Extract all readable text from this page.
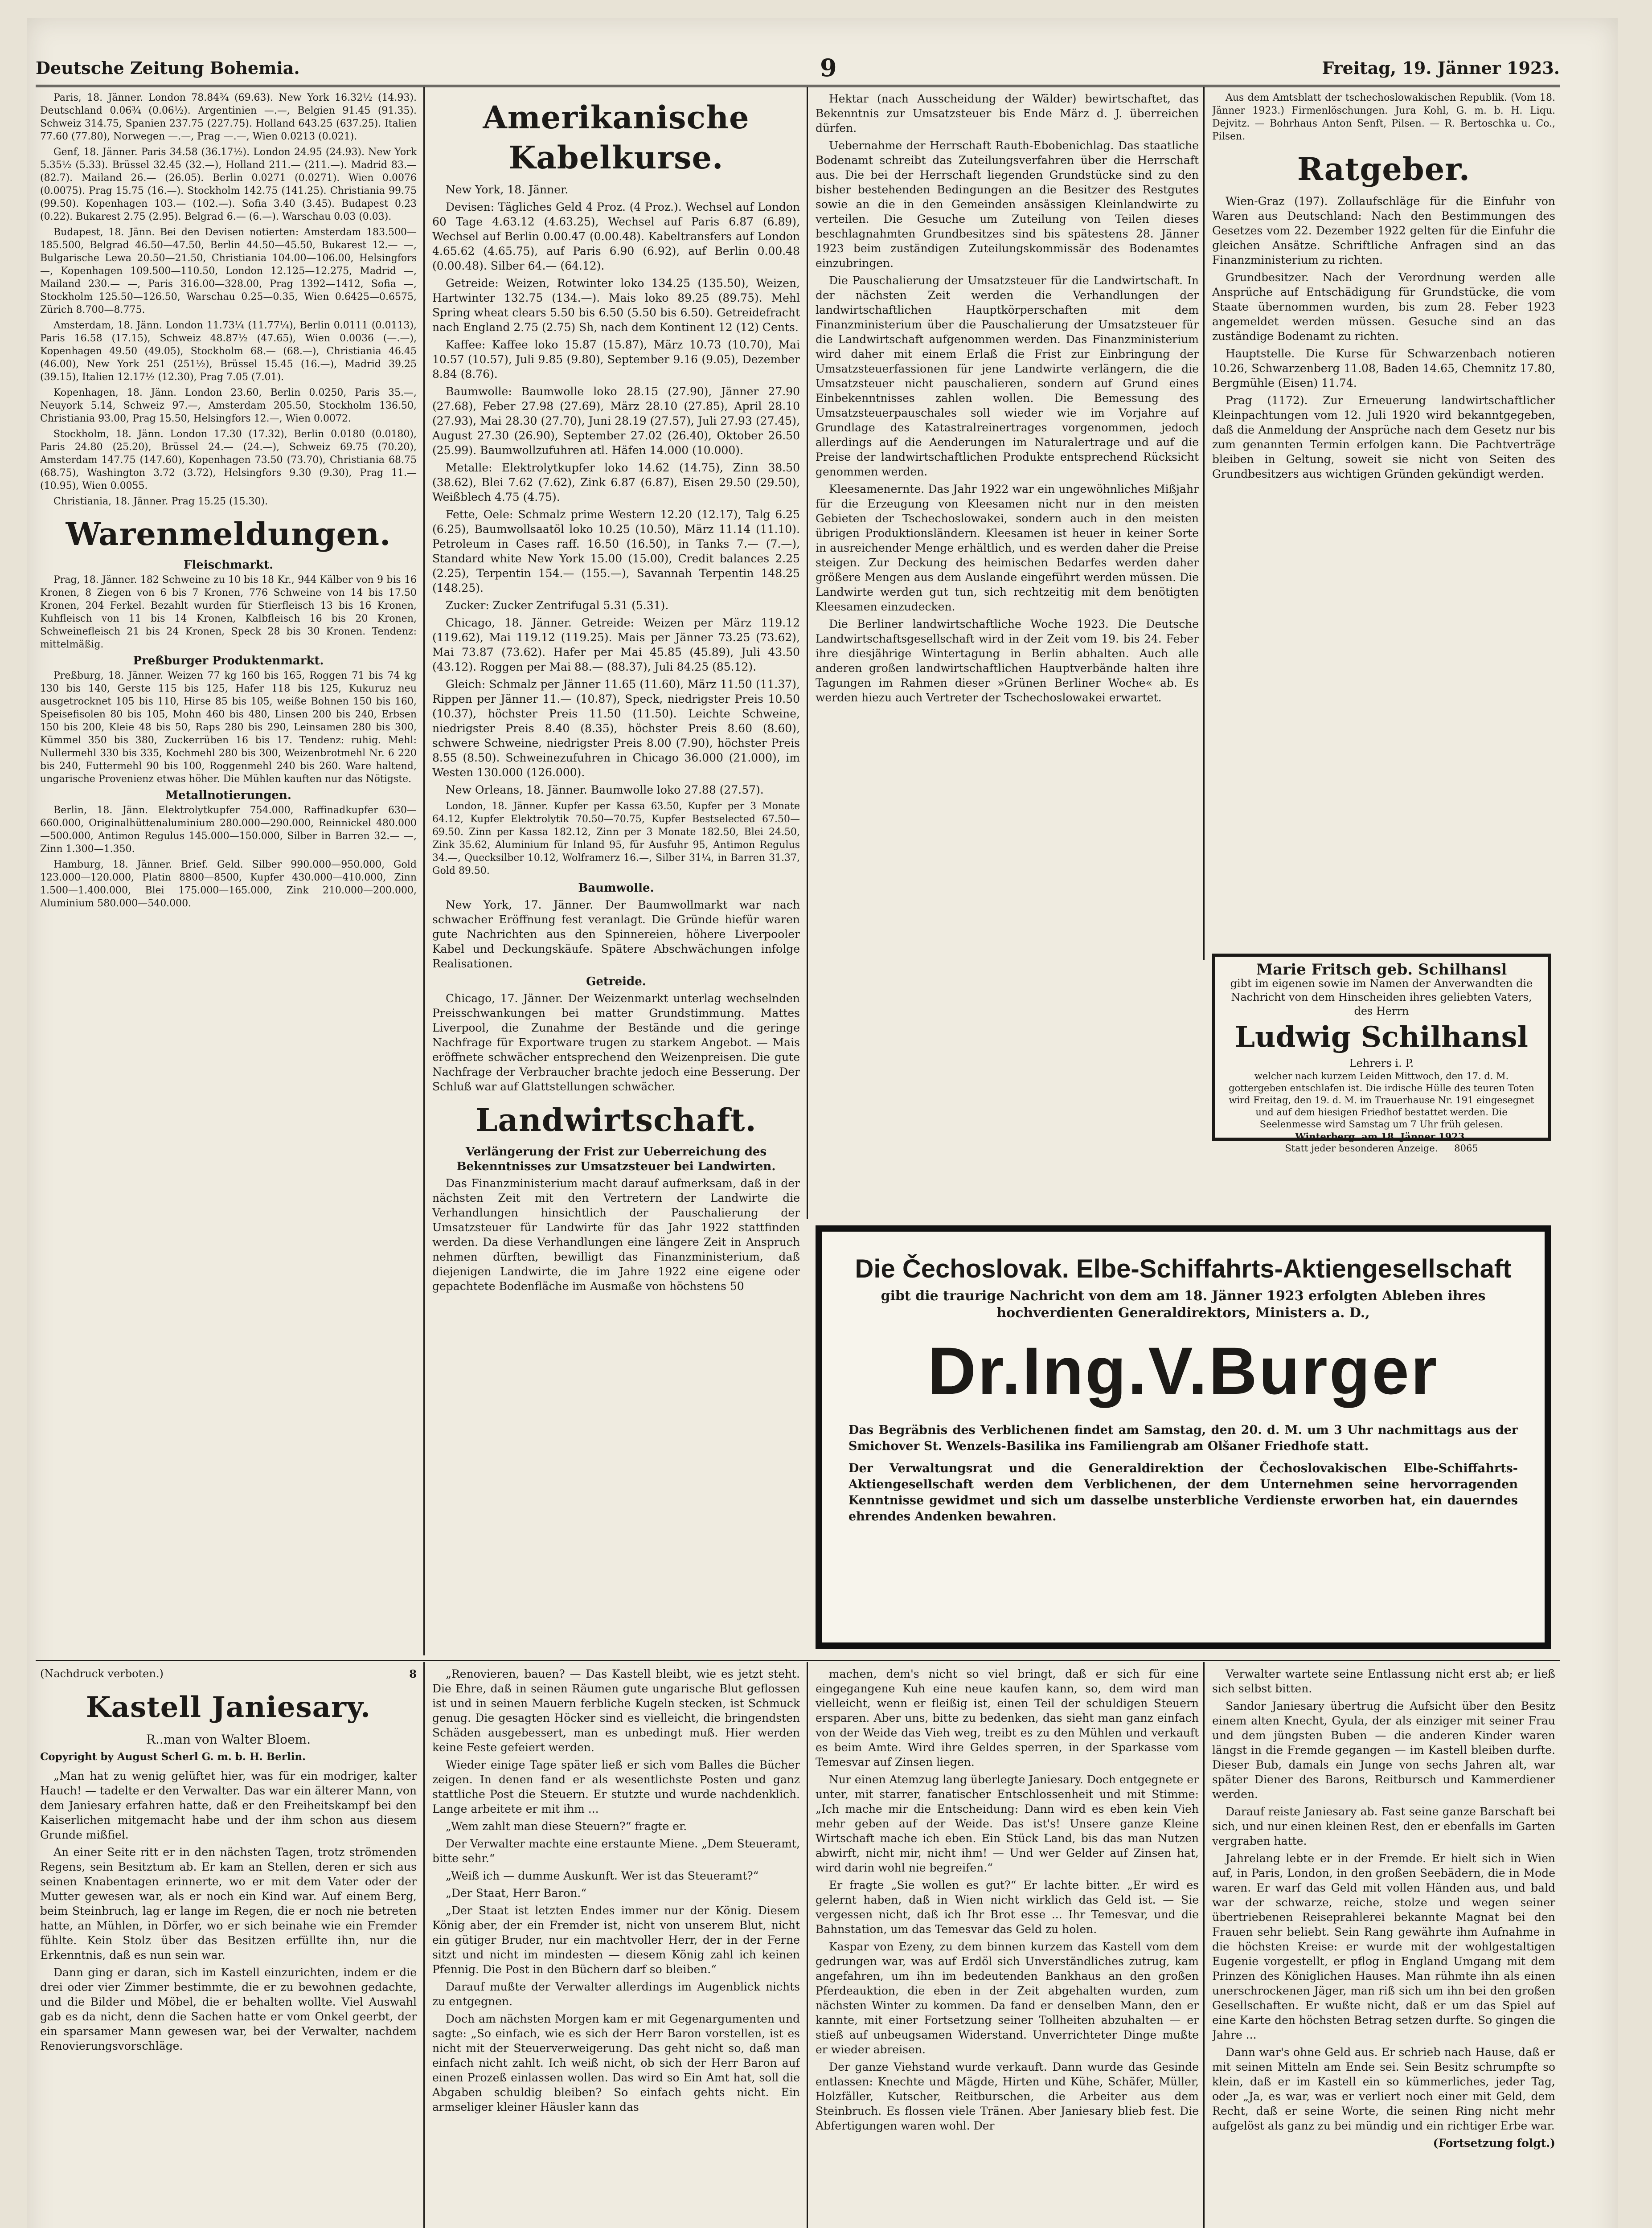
Deutsche Zeitung Bohemia.	9	Freitag, 19. Jänner 1923.

Paris, 18. Jänner. London 78.84¾ (69.63). New York 16.32½ (14.93). Deutschland 0.06¾ (0.06½). Argentinien —.—, Belgien 91.45 (91.35). Schweiz 314.75, Spanien 237.75 (227.75). Holland 643.25 (637.25). Italien 77.60 (77.80), Norwegen —.—, Prag —.—, Wien 0.0213 (0.021).

Genf, 18. Jänner. Paris 34.58 (36.17½). London 24.95 (24.93). New York 5.35½ (5.33). Brüssel 32.45 (32.—), Holland 211.— (211.—). Madrid 83.— (82.7). Mailand 26.— (26.05). Berlin 0.0271 (0.0271). Wien 0.0076 (0.0075). Prag 15.75 (16.—). Stockholm 142.75 (141.25). Christiania 99.75 (99.50). Kopenhagen 103.— (102.—). Sofia 3.40 (3.45). Budapest 0.23 (0.22). Bukarest 2.75 (2.95). Belgrad 6.— (6.—). Warschau 0.03 (0.03).

Budapest, 18. Jänn. Bei den Devisen notierten: Amsterdam 183.500—185.500, Belgrad 46.50—47.50, Berlin 44.50—45.50, Bukarest 12.— —, Bulgarische Lewa 20.50—21.50, Christiania 104.00—106.00, Helsingfors —, Kopenhagen 109.500—110.50, London 12.125—12.275, Madrid —, Mailand 230.— —, Paris 316.00—328.00, Prag 1392—1412, Sofia —, Stockholm 125.50—126.50, Warschau 0.25—0.35, Wien 0.6425—0.6575, Zürich 8.700—8.775.

Amsterdam, 18. Jänn. London 11.73¼ (11.77¼), Berlin 0.0111 (0.0113), Paris 16.58 (17.15), Schweiz 48.87½ (47.65), Wien 0.0036 (—.—), Kopenhagen 49.50 (49.05), Stockholm 68.— (68.—), Christiania 46.45 (46.00), New York 251 (251½), Brüssel 15.45 (16.—), Madrid 39.25 (39.15), Italien 12.17½ (12.30), Prag 7.05 (7.01).

Kopenhagen, 18. Jänn. London 23.60, Berlin 0.0250, Paris 35.—, Neuyork 5.14, Schweiz 97.—, Amsterdam 205.50, Stockholm 136.50, Christiania 93.00, Prag 15.50, Helsingfors 12.—, Wien 0.0072.

Stockholm, 18. Jänn. London 17.30 (17.32), Berlin 0.0180 (0.0180), Paris 24.80 (25.20), Brüssel 24.— (24.—), Schweiz 69.75 (70.20), Amsterdam 147.75 (147.60), Kopenhagen 73.50 (73.70), Christiania 68.75 (68.75), Washington 3.72 (3.72), Helsingfors 9.30 (9.30), Prag 11.— (10.95), Wien 0.0055.

Christiania, 18. Jänner. Prag 15.25 (15.30).

Warenmeldungen.
Fleischmarkt.

Prag, 18. Jänner. 182 Schweine zu 10 bis 18 Kr., 944 Kälber von 9 bis 16 Kronen, 8 Ziegen von 6 bis 7 Kronen, 776 Schweine von 14 bis 17.50 Kronen, 204 Ferkel. Bezahlt wurden für Stierfleisch 13 bis 16 Kronen, Kuhfleisch von 11 bis 14 Kronen, Kalbfleisch 16 bis 20 Kronen, Schweinefleisch 21 bis 24 Kronen, Speck 28 bis 30 Kronen. Tendenz: mittelmäßig.

Preßburger Produktenmarkt.

Preßburg, 18. Jänner. Weizen 77 kg 160 bis 165, Roggen 71 bis 74 kg 130 bis 140, Gerste 115 bis 125, Hafer 118 bis 125, Kukuruz neu ausgetrocknet 105 bis 110, Hirse 85 bis 105, weiße Bohnen 150 bis 160, Speisefisolen 80 bis 105, Mohn 460 bis 480, Linsen 200 bis 240, Erbsen 150 bis 200, Kleie 48 bis 50, Raps 280 bis 290, Leinsamen 280 bis 300, Kümmel 350 bis 380, Zuckerrüben 16 bis 17. Tendenz: ruhig. Mehl: Nullermehl 330 bis 335, Kochmehl 280 bis 300, Weizenbrotmehl Nr. 6 220 bis 240, Futtermehl 90 bis 100, Roggenmehl 240 bis 260. Ware haltend, ungarische Provenienz etwas höher. Die Mühlen kauften nur das Nötigste.

Metallnotierungen.

Berlin, 18. Jänn. Elektrolytkupfer 754.000, Raffinadkupfer 630—660.000, Originalhüttenaluminium 280.000—290.000, Reinnickel 480.000—500.000, Antimon Regulus 145.000—150.000, Silber in Barren 32.— —, Zinn 1.300—1.350.

Hamburg, 18. Jänner. Brief. Geld. Silber 990.000—950.000, Gold 123.000—120.000, Platin 8800—8500, Kupfer 430.000—410.000, Zinn 1.500—1.400.000, Blei 175.000—165.000, Zink 210.000—200.000, Aluminium 580.000—540.000.

Amerikanische Kabelkurse.

New York, 18. Jänner.

Devisen: Tägliches Geld 4 Proz. (4 Proz.). Wechsel auf London 60 Tage 4.63.12 (4.63.25), Wechsel auf Paris 6.87 (6.89), Wechsel auf Berlin 0.00.47 (0.00.48). Kabeltransfers auf London 4.65.62 (4.65.75), auf Paris 6.90 (6.92), auf Berlin 0.00.48 (0.00.48). Silber 64.— (64.12).

Getreide: Weizen, Rotwinter loko 134.25 (135.50), Weizen, Hartwinter 132.75 (134.—). Mais loko 89.25 (89.75). Mehl Spring wheat clears 5.50 bis 6.50 (5.50 bis 6.50). Getreidefracht nach England 2.75 (2.75) Sh, nach dem Kontinent 12 (12) Cents.

Kaffee: Kaffee loko 15.87 (15.87), März 10.73 (10.70), Mai 10.57 (10.57), Juli 9.85 (9.80), September 9.16 (9.05), Dezember 8.84 (8.76).

Baumwolle: Baumwolle loko 28.15 (27.90), Jänner 27.90 (27.68), Feber 27.98 (27.69), März 28.10 (27.85), April 28.10 (27.93), Mai 28.30 (27.70), Juni 28.19 (27.57), Juli 27.93 (27.45), August 27.30 (26.90), September 27.02 (26.40), Oktober 26.50 (25.99). Baumwollzufuhren atl. Häfen 14.000 (10.000).

Metalle: Elektrolytkupfer loko 14.62 (14.75), Zinn 38.50 (38.62), Blei 7.62 (7.62), Zink 6.87 (6.87), Eisen 29.50 (29.50), Weißblech 4.75 (4.75).

Fette, Oele: Schmalz prime Western 12.20 (12.17), Talg 6.25 (6.25), Baumwollsaatöl loko 10.25 (10.50), März 11.14 (11.10). Petroleum in Cases raff. 16.50 (16.50), in Tanks 7.— (7.—), Standard white New York 15.00 (15.00), Credit balances 2.25 (2.25), Terpentin 154.— (155.—), Savannah Terpentin 148.25 (148.25).

Zucker: Zucker Zentrifugal 5.31 (5.31).

Chicago, 18. Jänner. Getreide: Weizen per März 119.12 (119.62), Mai 119.12 (119.25). Mais per Jänner 73.25 (73.62), Mai 73.87 (73.62). Hafer per Mai 45.85 (45.89), Juli 43.50 (43.12). Roggen per Mai 88.— (88.37), Juli 84.25 (85.12).

Gleich: Schmalz per Jänner 11.65 (11.60), März 11.50 (11.37), Rippen per Jänner 11.— (10.87), Speck, niedrigster Preis 10.50 (10.37), höchster Preis 11.50 (11.50). Leichte Schweine, niedrigster Preis 8.40 (8.35), höchster Preis 8.60 (8.60), schwere Schweine, niedrigster Preis 8.00 (7.90), höchster Preis 8.55 (8.50). Schweinezufuhren in Chicago 36.000 (21.000), im Westen 130.000 (126.000).

New Orleans, 18. Jänner. Baumwolle loko 27.88 (27.57).

London, 18. Jänner. Kupfer per Kassa 63.50, Kupfer per 3 Monate 64.12, Kupfer Elektrolytik 70.50—70.75, Kupfer Bestselected 67.50—69.50. Zinn per Kassa 182.12, Zinn per 3 Monate 182.50, Blei 24.50, Zink 35.62, Aluminium für Inland 95, für Ausfuhr 95, Antimon Regulus 34.—, Quecksilber 10.12, Wolframerz 16.—, Silber 31¼, in Barren 31.37, Gold 89.50.

Baumwolle.

New York, 17. Jänner. Der Baumwollmarkt war nach schwacher Eröffnung fest veranlagt. Die Gründe hiefür waren gute Nachrichten aus den Spinnereien, höhere Liverpooler Kabel und Deckungskäufe. Spätere Abschwächungen infolge Realisationen.

Getreide.

Chicago, 17. Jänner. Der Weizenmarkt unterlag wechselnden Preisschwankungen bei matter Grundstimmung. Mattes Liverpool, die Zunahme der Bestände und die geringe Nachfrage für Exportware trugen zu starkem Angebot. — Mais eröffnete schwächer entsprechend den Weizenpreisen. Die gute Nachfrage der Verbraucher brachte jedoch eine Besserung. Der Schluß war auf Glattstellungen schwächer.

Landwirtschaft.
Verlängerung der Frist zur Ueberreichung des Bekenntnisses zur Umsatzsteuer bei Landwirten.

Das Finanzministerium macht darauf aufmerksam, daß in der nächsten Zeit mit den Vertretern der Landwirte die Verhandlungen hinsichtlich der Pauschalierung der Umsatzsteuer für Landwirte für das Jahr 1922 stattfinden werden. Da diese Verhandlungen eine längere Zeit in Anspruch nehmen dürften, bewilligt das Finanzministerium, daß diejenigen Landwirte, die im Jahre 1922 eine eigene oder gepachtete Bodenfläche im Ausmaße von höchstens 50

Hektar (nach Ausscheidung der Wälder) bewirtschaftet, das Bekenntnis zur Umsatzsteuer bis Ende März d. J. überreichen dürfen.

Uebernahme der Herrschaft Rauth-Ebobenichlag. Das staatliche Bodenamt schreibt das Zuteilungsverfahren über die Herrschaft aus. Die bei der Herrschaft liegenden Grundstücke sind zu den bisher bestehenden Bedingungen an die Besitzer des Restgutes sowie an die in den Gemeinden ansässigen Kleinlandwirte zu verteilen. Die Gesuche um Zuteilung von Teilen dieses beschlagnahmten Grundbesitzes sind bis spätestens 28. Jänner 1923 beim zuständigen Zuteilungskommissär des Bodenamtes einzubringen.

Die Pauschalierung der Umsatzsteuer für die Landwirtschaft. In der nächsten Zeit werden die Verhandlungen der landwirtschaftlichen Hauptkörperschaften mit dem Finanzministerium über die Pauschalierung der Umsatzsteuer für die Landwirtschaft aufgenommen werden. Das Finanzministerium wird daher mit einem Erlaß die Frist zur Einbringung der Umsatzsteuerfassionen für jene Landwirte verlängern, die die Umsatzsteuer nicht pauschalieren, sondern auf Grund eines Einbekenntnisses zahlen wollen. Die Bemessung des Umsatzsteuerpauschales soll wieder wie im Vorjahre auf Grundlage des Katastralreinertrages vorgenommen, jedoch allerdings auf die Aenderungen im Naturalertrage und auf die Preise der landwirtschaftlichen Produkte entsprechend Rücksicht genommen werden.

Kleesamenernte. Das Jahr 1922 war ein ungewöhnliches Mißjahr für die Erzeugung von Kleesamen nicht nur in den meisten Gebieten der Tschechoslowakei, sondern auch in den meisten übrigen Produktionsländern. Kleesamen ist heuer in keiner Sorte in ausreichender Menge erhältlich, und es werden daher die Preise steigen. Zur Deckung des heimischen Bedarfes werden daher größere Mengen aus dem Auslande eingeführt werden müssen. Die Landwirte werden gut tun, sich rechtzeitig mit dem benötigten Kleesamen einzudecken.

Die Berliner landwirtschaftliche Woche 1923. Die Deutsche Landwirtschaftsgesellschaft wird in der Zeit vom 19. bis 24. Feber ihre diesjährige Wintertagung in Berlin abhalten. Auch alle anderen großen landwirtschaftlichen Hauptverbände halten ihre Tagungen im Rahmen dieser »Grünen Berliner Woche« ab. Es werden hiezu auch Vertreter der Tschechoslowakei erwartet.

Aus dem Amtsblatt der tschechoslowakischen Republik. (Vom 18. Jänner 1923.) Firmenlöschungen. Jura Kohl, G. m. b. H. Liqu. Dejvitz. — Bohrhaus Anton Senft, Pilsen. — R. Bertoschka u. Co., Pilsen.

Ratgeber.

Wien-Graz (197). Zollaufschläge für die Einfuhr von Waren aus Deutschland: Nach den Bestimmungen des Gesetzes vom 22. Dezember 1922 gelten für die Einfuhr die gleichen Ansätze. Schriftliche Anfragen sind an das Finanzministerium zu richten.

Grundbesitzer. Nach der Verordnung werden alle Ansprüche auf Entschädigung für Grundstücke, die vom Staate übernommen wurden, bis zum 28. Feber 1923 angemeldet werden müssen. Gesuche sind an das zuständige Bodenamt zu richten.

Hauptstelle. Die Kurse für Schwarzenbach notieren 10.26, Schwarzenberg 11.08, Baden 14.65, Chemnitz 17.80, Bergmühle (Eisen) 11.74.

Prag (1172). Zur Erneuerung landwirtschaftlicher Kleinpachtungen vom 12. Juli 1920 wird bekanntgegeben, daß die Anmeldung der Ansprüche nach dem Gesetz nur bis zum genannten Termin erfolgen kann. Die Pachtverträge bleiben in Geltung, soweit sie nicht von Seiten des Grundbesitzers aus wichtigen Gründen gekündigt werden.

Marie Fritsch geb. Schilhansl
gibt im eigenen sowie im Namen der Anverwandten die Nachricht von dem Hinscheiden ihres geliebten Vaters, des Herrn
Ludwig Schilhansl
Lehrers i. P.
welcher nach kurzem Leiden Mittwoch, den 17. d. M. gottergeben entschlafen ist. Die irdische Hülle des teuren Toten wird Freitag, den 19. d. M. im Trauerhause Nr. 191 eingesegnet und auf dem hiesigen Friedhof bestattet werden. Die Seelenmesse wird Samstag um 7 Uhr früh gelesen.
Winterberg, am 18. Jänner 1923.
Statt jeder besonderen Anzeige. 8065
Die Čechoslovak. Elbe-Schiffahrts-Aktiengesellschaft
gibt die traurige Nachricht von dem am 18. Jänner 1923 erfolgten Ableben ihres hochverdienten Generaldirektors, Ministers a. D.,
Dr.Ing.V.Burger
Das Begräbnis des Verblichenen findet am Samstag, den 20. d. M. um 3 Uhr nachmittags aus der Smichover St. Wenzels-Basilika ins Familiengrab am Olšaner Friedhofe statt.
Der Verwaltungsrat und die Generaldirektion der Čechoslovakischen Elbe-Schiffahrts-Aktiengesellschaft werden dem Verblichenen, der dem Unternehmen seine hervorragenden Kenntnisse gewidmet und sich um dasselbe unsterbliche Verdienste erworben hat, ein dauerndes ehrendes Andenken bewahren.
(Nachdruck verboten.)	8
Kastell Janiesary.
R..man von Walter Bloem.
Copyright by August Scherl G. m. b. H. Berlin.

„Man hat zu wenig gelüftet hier, was für ein modriger, kalter Hauch! — tadelte er den Verwalter. Das war ein älterer Mann, von dem Janiesary erfahren hatte, daß er den Freiheitskampf bei den Kaiserlichen mitgemacht habe und der ihm schon aus diesem Grunde mißfiel.

An einer Seite ritt er in den nächsten Tagen, trotz strömenden Regens, sein Besitztum ab. Er kam an Stellen, deren er sich aus seinen Knabentagen erinnerte, wo er mit dem Vater oder der Mutter gewesen war, als er noch ein Kind war. Auf einem Berg, beim Steinbruch, lag er lange im Regen, die er noch nie betreten hatte, an Mühlen, in Dörfer, wo er sich beinahe wie ein Fremder fühlte. Kein Stolz über das Besitzen erfüllte ihn, nur die Erkenntnis, daß es nun sein war.

Dann ging er daran, sich im Kastell einzurichten, indem er die drei oder vier Zimmer bestimmte, die er zu bewohnen gedachte, und die Bilder und Möbel, die er behalten wollte. Viel Auswahl gab es da nicht, denn die Sachen hatte er vom Onkel geerbt, der ein sparsamer Mann gewesen war, bei der Verwalter, nachdem Renovierungsvorschläge.

„Renovieren, bauen? — Das Kastell bleibt, wie es jetzt steht. Die Ehre, daß in seinen Räumen gute ungarische Blut geflossen ist und in seinen Mauern ferbliche Kugeln stecken, ist Schmuck genug. Die gesagten Höcker sind es vielleicht, die bringendsten Schäden ausgebessert, man es unbedingt muß. Hier werden keine Feste gefeiert werden.

Wieder einige Tage später ließ er sich vom Balles die Bücher zeigen. In denen fand er als wesentlichste Posten und ganz stattliche Post die Steuern. Er stutzte und wurde nachdenklich. Lange arbeitete er mit ihm ...

„Wem zahlt man diese Steuern?“ fragte er.

Der Verwalter machte eine erstaunte Miene. „Dem Steueramt, bitte sehr.“

„Weiß ich — dumme Auskunft. Wer ist das Steueramt?“

„Der Staat, Herr Baron.“

„Der Staat ist letzten Endes immer nur der König. Diesem König aber, der ein Fremder ist, nicht von unserem Blut, nicht ein gütiger Bruder, nur ein machtvoller Herr, der in der Ferne sitzt und nicht im mindesten — diesem König zahl ich keinen Pfennig. Die Post in den Büchern darf so bleiben.“

Darauf mußte der Verwalter allerdings im Augenblick nichts zu entgegnen.

Doch am nächsten Morgen kam er mit Gegenargumenten und sagte: „So einfach, wie es sich der Herr Baron vorstellen, ist es nicht mit der Steuerverweigerung. Das geht nicht so, daß man einfach nicht zahlt. Ich weiß nicht, ob sich der Herr Baron auf einen Prozeß einlassen wollen. Das wird so Ein Amt hat, soll die Abgaben schuldig bleiben? So einfach gehts nicht. Ein armseliger kleiner Häusler kann das

machen, dem's nicht so viel bringt, daß er sich für eine eingegangene Kuh eine neue kaufen kann, so, dem wird man vielleicht, wenn er fleißig ist, einen Teil der schuldigen Steuern ersparen. Aber uns, bitte zu bedenken, das sieht man ganz einfach von der Weide das Vieh weg, treibt es zu den Mühlen und verkauft es beim Amte. Wird ihre Geldes sperren, in der Sparkasse vom Temesvar auf Zinsen liegen.

Nur einen Atemzug lang überlegte Janiesary. Doch entgegnete er unter, mit starrer, fanatischer Entschlossenheit und mit Stimme: „Ich mache mir die Entscheidung: Dann wird es eben kein Vieh mehr geben auf der Weide. Das ist's! Unsere ganze Kleine Wirtschaft mache ich eben. Ein Stück Land, bis das man Nutzen abwirft, nicht mir, nicht ihm! — Und wer Gelder auf Zinsen hat, wird darin wohl nie begreifen.“

Er fragte „Sie wollen es gut?“ Er lachte bitter. „Er wird es gelernt haben, daß in Wien nicht wirklich das Geld ist. — Sie vergessen nicht, daß ich Ihr Brot esse ... Ihr Temesvar, und die Bahnstation, um das Temesvar das Geld zu holen.

Kaspar von Ezeny, zu dem binnen kurzem das Kastell vom dem gedrungen war, was auf Erdöl sich Unverständliches zutrug, kam angefahren, um ihn im bedeutenden Bankhaus an den großen Pferdeauktion, die eben in der Zeit abgehalten wurden, zum nächsten Winter zu kommen. Da fand er denselben Mann, den er kannte, mit einer Fortsetzung seiner Tollheiten abzuhalten — er stieß auf unbeugsamen Widerstand. Unverrichteter Dinge mußte er wieder abreisen.

Der ganze Viehstand wurde verkauft. Dann wurde das Gesinde entlassen: Knechte und Mägde, Hirten und Kühe, Schäfer, Müller, Holzfäller, Kutscher, Reitburschen, die Arbeiter aus dem Steinbruch. Es flossen viele Tränen. Aber Janiesary blieb fest. Die Abfertigungen waren wohl. Der

Verwalter wartete seine Entlassung nicht erst ab; er ließ sich selbst bitten.

Sandor Janiesary übertrug die Aufsicht über den Besitz einem alten Knecht, Gyula, der als einziger mit seiner Frau und dem jüngsten Buben — die anderen Kinder waren längst in die Fremde gegangen — im Kastell bleiben durfte. Dieser Bub, damals ein Junge von sechs Jahren alt, war später Diener des Barons, Reitbursch und Kammerdiener werden.

Darauf reiste Janiesary ab. Fast seine ganze Barschaft bei sich, und nur einen kleinen Rest, den er ebenfalls im Garten vergraben hatte.

Jahrelang lebte er in der Fremde. Er hielt sich in Wien auf, in Paris, London, in den großen Seebädern, die in Mode waren. Er warf das Geld mit vollen Händen aus, und bald war der schwarze, reiche, stolze und wegen seiner übertriebenen Reiseprahlerei bekannte Magnat bei den Frauen sehr beliebt. Sein Rang gewährte ihm Aufnahme in die höchsten Kreise: er wurde mit der wohlgestaltigen Eugenie vorgestellt, er pflog in England Umgang mit dem Prinzen des Königlichen Hauses. Man rühmte ihn als einen unerschrockenen Jäger, man riß sich um ihn bei den großen Gesellschaften. Er wußte nicht, daß er um das Spiel auf eine Karte den höchsten Betrag setzen durfte. So gingen die Jahre ...

Dann war's ohne Geld aus. Er schrieb nach Hause, daß er mit seinen Mitteln am Ende sei. Sein Besitz schrumpfte so klein, daß er im Kastell ein so kümmerliches, jeder Tag, oder „Ja, es war, was er verliert noch einer mit Geld, dem Recht, daß er seine Worte, die seinen Ring nicht mehr aufgelöst als ganz zu bei mündig und ein richtiger Erbe war.

(Fortsetzung folgt.)
